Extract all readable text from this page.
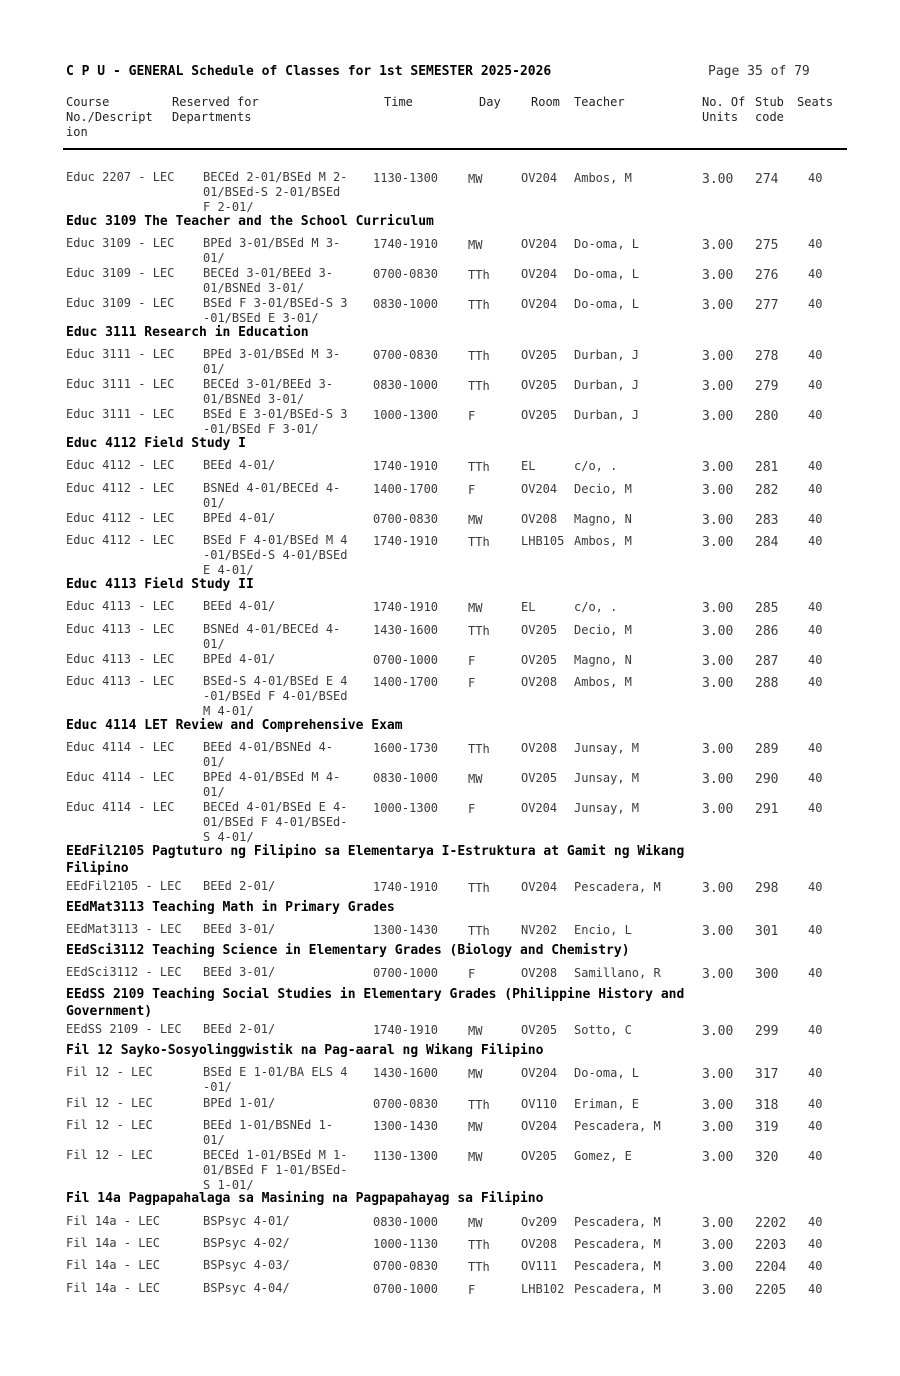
C P U - GENERAL Schedule of Classes for 1st SEMESTER 2025-2026	Page 35 of 79
Course
No./Descript
ion
Reserved for
Departments
Time	Day	Room Teacher	No. Of
Units
Stub
code
Seats
Educ 2207 - LEC BECEd 2-01/BSEd M 2-
01/BSEd-S 2-01/BSEd
F 2-01/
1130-1300 MW	OV204 Ambos, M	3.00 274 40
Educ 3109 The Teacher and the School Curriculum
Educ 3109 - LEC BPEd 3-01/BSEd M 3-
01/
1740-1910 MW	OV204 Do-oma, L	3.00 275 40
Educ 3109 - LEC BECEd 3-01/BEEd 3-
01/BSNEd 3-01/
0700-0830 TTh	OV204 Do-oma, L	3.00 276 40
Educ 3109 - LEC BSEd F 3-01/BSEd-S 3
-01/BSEd E 3-01/
0830-1000 TTh	OV204 Do-oma, L	3.00 277 40
Educ 3111 Research in Education
Educ 3111 - LEC BPEd 3-01/BSEd M 3-
01/
0700-0830 TTh	OV205 Durban, J	3.00 278 40
Educ 3111 - LEC BECEd 3-01/BEEd 3-
01/BSNEd 3-01/
0830-1000 TTh	OV205 Durban, J	3.00 279 40
Educ 3111 - LEC BSEd E 3-01/BSEd-S 3
-01/BSEd F 3-01/
1000-1300 F	OV205 Durban, J	3.00 280 40
Educ 4112 Field Study I
Educ 4112 - LEC BEEd 4-01/	1740-1910 TTh	EL	c/o, .	3.00 281 40
Educ 4112 - LEC BSNEd 4-01/BECEd 4-
01/
1400-1700 F	OV204 Decio, M	3.00 282 40
Educ 4112 - LEC BPEd 4-01/	0700-0830 MW	OV208 Magno, N	3.00 283 40
Educ 4112 - LEC BSEd F 4-01/BSEd M 4
-01/BSEd-S 4-01/BSEd
E 4-01/
1740-1910 TTh	LHB105 Ambos, M	3.00 284 40
Educ 4113 Field Study II
Educ 4113 - LEC BEEd 4-01/	1740-1910 MW	EL	c/o, .	3.00 285 40
Educ 4113 - LEC BSNEd 4-01/BECEd 4-
01/
1430-1600 TTh	OV205 Decio, M	3.00 286 40
Educ 4113 - LEC BPEd 4-01/	0700-1000 F	OV205 Magno, N	3.00 287 40
Educ 4113 - LEC BSEd-S 4-01/BSEd E 4
-01/BSEd F 4-01/BSEd
M 4-01/
1400-1700 F	OV208 Ambos, M	3.00 288 40
Educ 4114 LET Review and Comprehensive Exam
Educ 4114 - LEC BEEd 4-01/BSNEd 4-
01/
1600-1730 TTh	OV208 Junsay, M	3.00 289 40
Educ 4114 - LEC BPEd 4-01/BSEd M 4-
01/
0830-1000 MW	OV205 Junsay, M	3.00 290 40
Educ 4114 - LEC BECEd 4-01/BSEd E 4-
01/BSEd F 4-01/BSEd-
S 4-01/
1000-1300 F	OV204 Junsay, M	3.00 291 40
EEdFil2105 Pagtuturo ng Filipino sa Elementarya I-Estruktura at Gamit ng Wikang
Filipino
EEdFil2105 - LEC BEEd 2-01/	1740-1910 TTh	OV204 Pescadera, M	3.00 298 40
EEdMat3113 Teaching Math in Primary Grades
EEdMat3113 - LEC BEEd 3-01/	1300-1430 TTh	NV202 Encio, L	3.00 301 40
EEdSci3112 Teaching Science in Elementary Grades (Biology and Chemistry)
EEdSci3112 - LEC BEEd 3-01/	0700-1000 F	OV208 Samillano, R	3.00 300 40
EEdSS 2109 Teaching Social Studies in Elementary Grades (Philippine History and
Government)
EEdSS 2109 - LEC BEEd 2-01/	1740-1910 MW	OV205 Sotto, C	3.00 299 40
Fil 12 Sayko-Sosyolinggwistik na Pag-aaral ng Wikang Filipino
Fil 12 - LEC	BSEd E 1-01/BA ELS 4
-01/
1430-1600 MW	OV204 Do-oma, L	3.00 317 40
Fil 12 - LEC	BPEd 1-01/	0700-0830 TTh	OV110 Eriman, E	3.00 318 40
Fil 12 - LEC	BEEd 1-01/BSNEd 1-
01/
1300-1430 MW	OV204 Pescadera, M	3.00 319 40
Fil 12 - LEC	BECEd 1-01/BSEd M 1-
01/BSEd F 1-01/BSEd-
S 1-01/
1130-1300 MW	OV205 Gomez, E	3.00 320 40
Fil 14a Pagpapahalaga sa Masining na Pagpapahayag sa Filipino
Fil 14a - LEC	BSPsyc 4-01/	0830-1000 MW	Ov209 Pescadera, M	3.00 2202 40
Fil 14a - LEC	BSPsyc 4-02/	1000-1130 TTh	OV208 Pescadera, M	3.00 2203 40
Fil 14a - LEC	BSPsyc 4-03/	0700-0830 TTh	OV111 Pescadera, M	3.00 2204 40
Fil 14a - LEC	BSPsyc 4-04/	0700-1000 F	LHB102 Pescadera, M	3.00 2205 40
